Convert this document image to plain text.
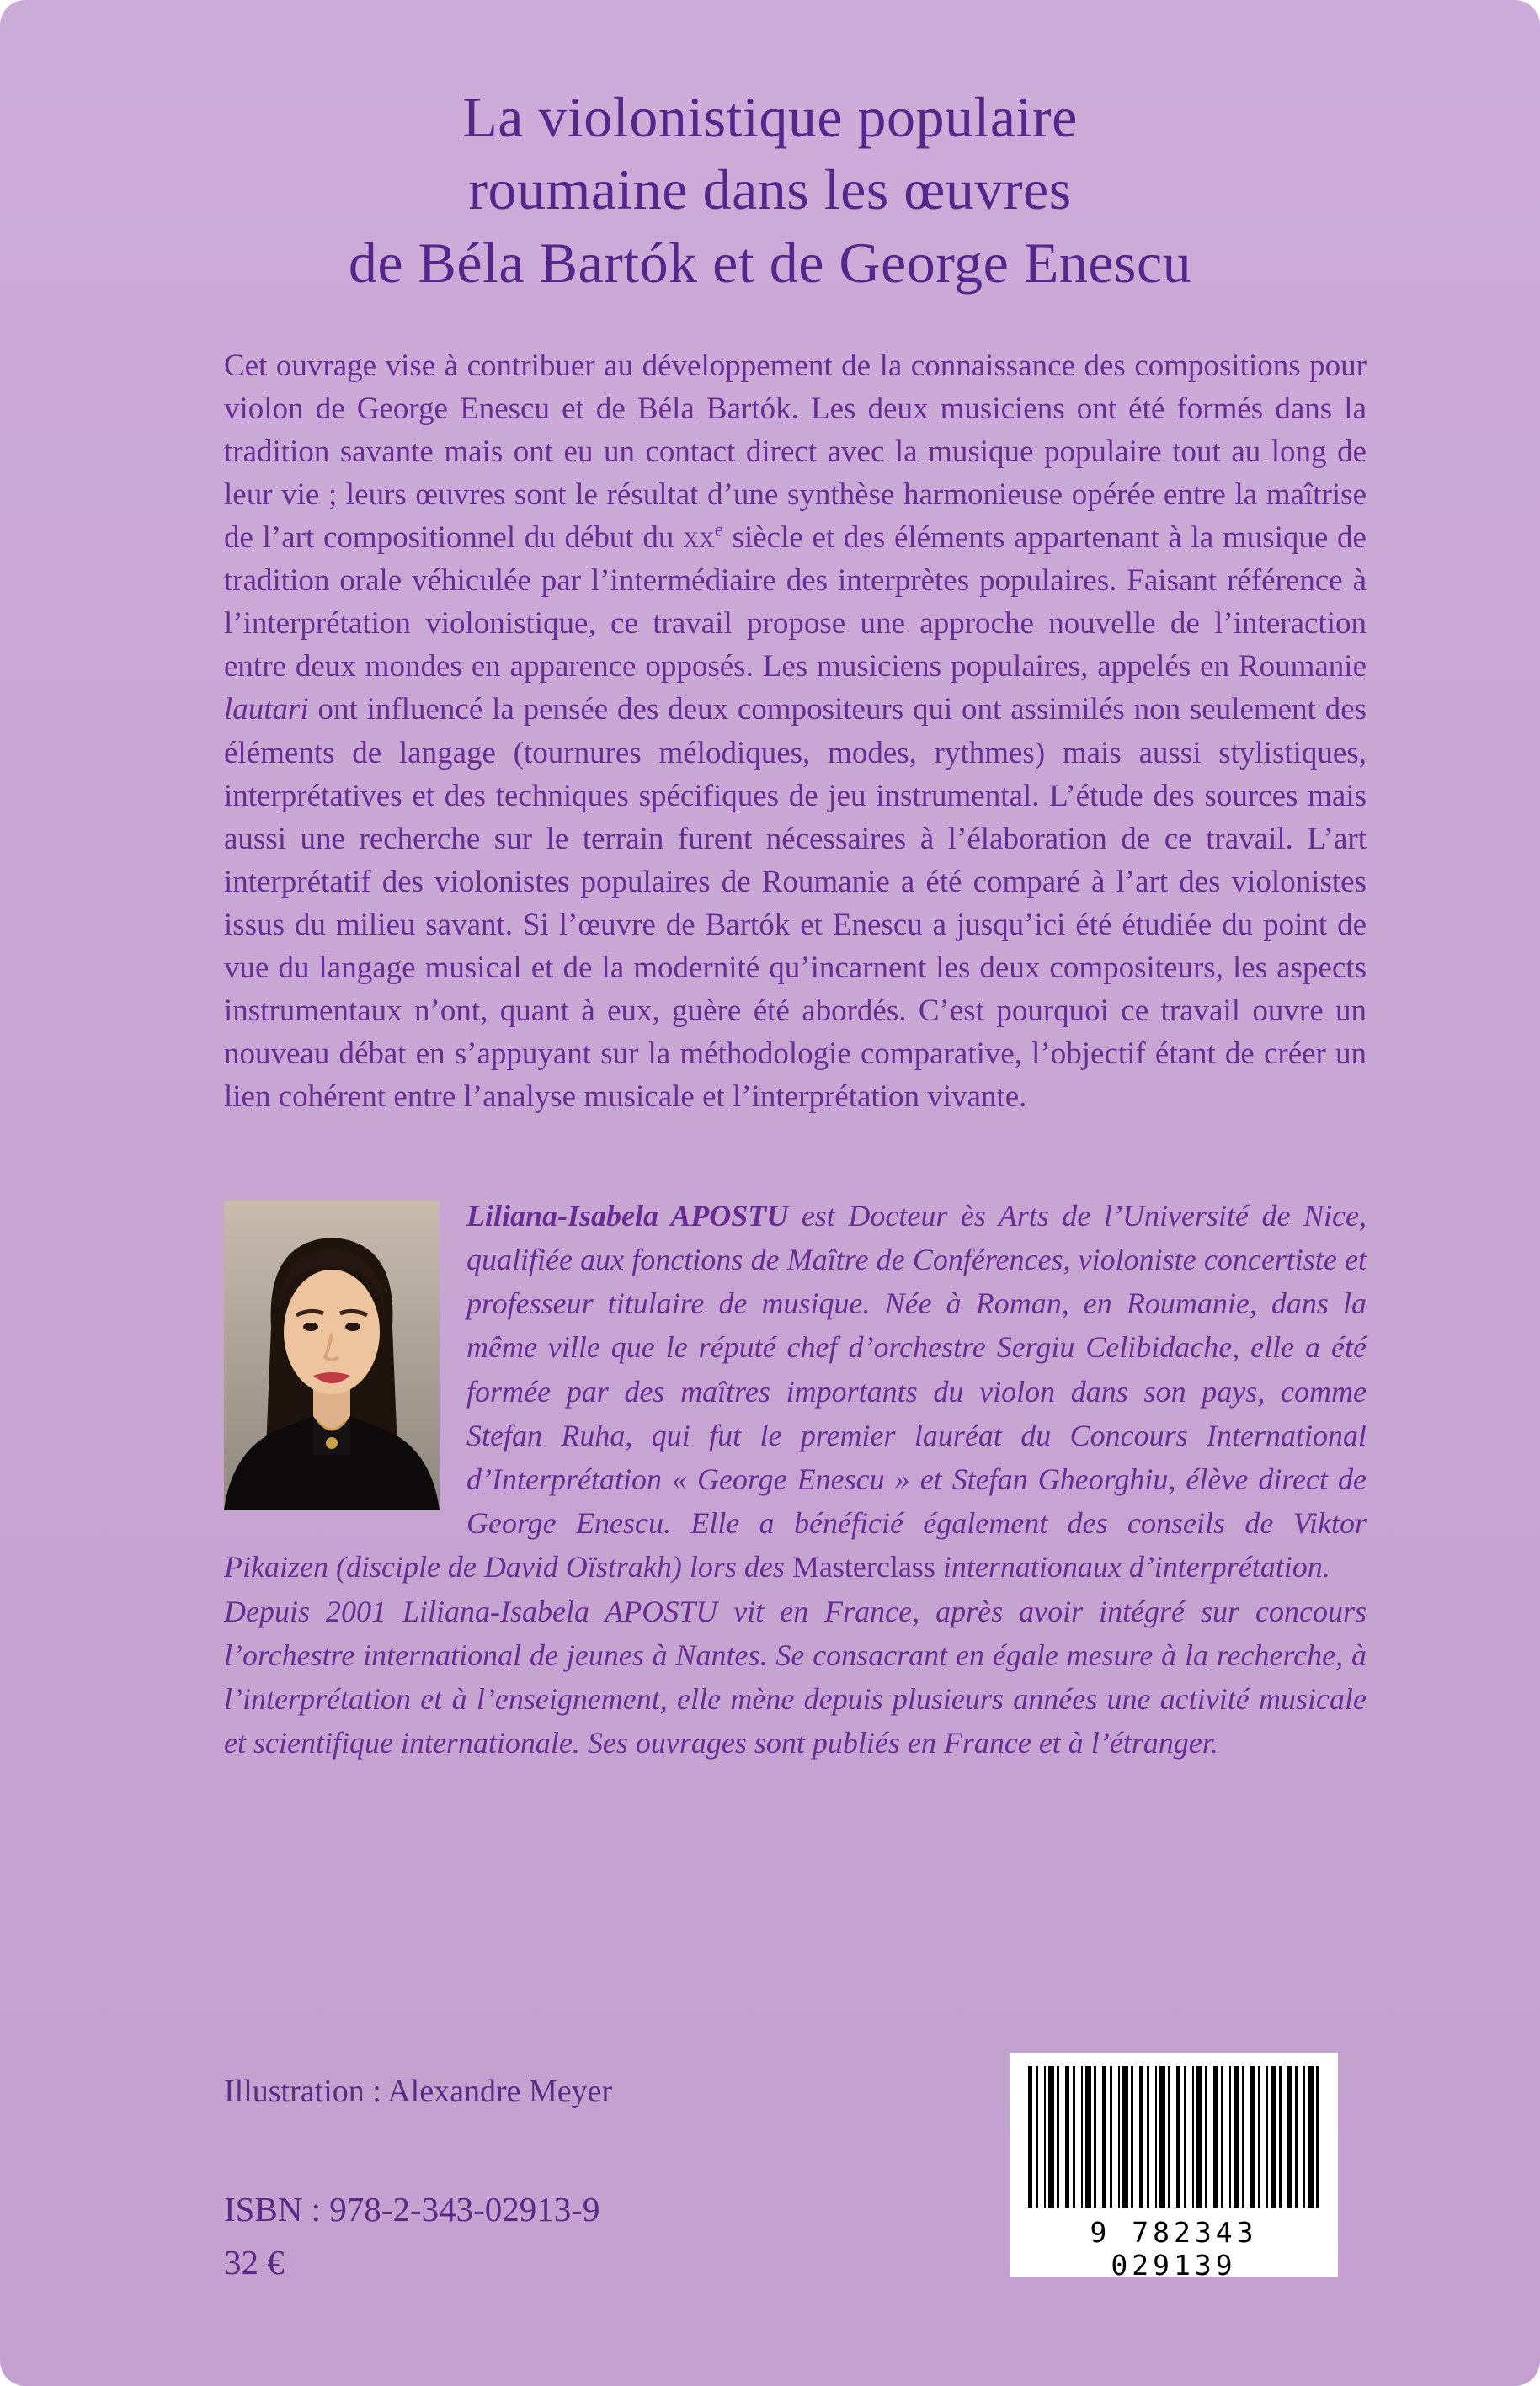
La violonistique populaire
roumaine dans les œuvres
de Béla Bartók et de George Enescu
Cet ouvrage vise à contribuer au développement de la connaissance des compositions pour violon de George Enescu et de Béla Bartók. Les deux musiciens ont été formés dans la tradition savante mais ont eu un contact direct avec la musique populaire tout au long de leur vie ; leurs œuvres sont le résultat d’une synthèse harmonieuse opérée entre la maîtrise de l’art compositionnel du début du $xx^e$ siècle et des éléments appartenant à la musique de tradition orale véhiculée par l’intermédiaire des interprètes populaires. Faisant référence à l’interprétation violonistique, ce travail propose une approche nouvelle de l’interaction entre deux mondes en apparence opposés. Les musiciens populaires, appelés en Roumanie lautari ont influencé la pensée des deux compositeurs qui ont assimilés non seulement des éléments de langage (tournures mélodiques, modes, rythmes) mais aussi stylistiques, interprétatives et des techniques spécifiques de jeu instrumental. L’étude des sources mais aussi une recherche sur le terrain furent nécessaires à l’élaboration de ce travail. L’art interprétatif des violonistes populaires de Roumanie a été comparé à l’art des violonistes issus du milieu savant. Si l’œuvre de Bartók et Enescu a jusqu’ici été étudiée du point de vue du langage musical et de la modernité qu’incarnent les deux compositeurs, les aspects instrumentaux n’ont, quant à eux, guère été abordés. C’est pourquoi ce travail ouvre un nouveau débat en s’appuyant sur la méthodologie comparative, l’objectif étant de créer un lien cohérent entre l’analyse musicale et l’interprétation vivante.

Liliana-Isabela APOSTU est Docteur ès Arts de l’Université de Nice, qualifiée aux fonctions de Maître de Conférences, violoniste concertiste et professeur titulaire de musique. Née à Roman, en Roumanie, dans la même ville que le réputé chef d’orchestre Sergiu Celibidache, elle a été formée par des maîtres importants du violon dans son pays, comme Stefan Ruha, qui fut le premier lauréat du Concours International d’Interprétation « George Enescu » et Stefan Gheorghiu, élève direct de George Enescu. Elle a bénéficié également des conseils de Viktor Pikaizen (disciple de David Oïstrakh) lors des Masterclass internationaux d’interprétation.

Depuis 2001 Liliana-Isabela APOSTU vit en France, après avoir intégré sur concours l’orchestre international de jeunes à Nantes. Se consacrant en égale mesure à la recherche, à l’interprétation et à l’enseignement, elle mène depuis plusieurs années une activité musicale et scientifique internationale. Ses ouvrages sont publiés en France et à l’étranger.

Illustration : Alexandre Meyer
ISBN : 978-2-343-02913-9
32 €
9 782343 029139
